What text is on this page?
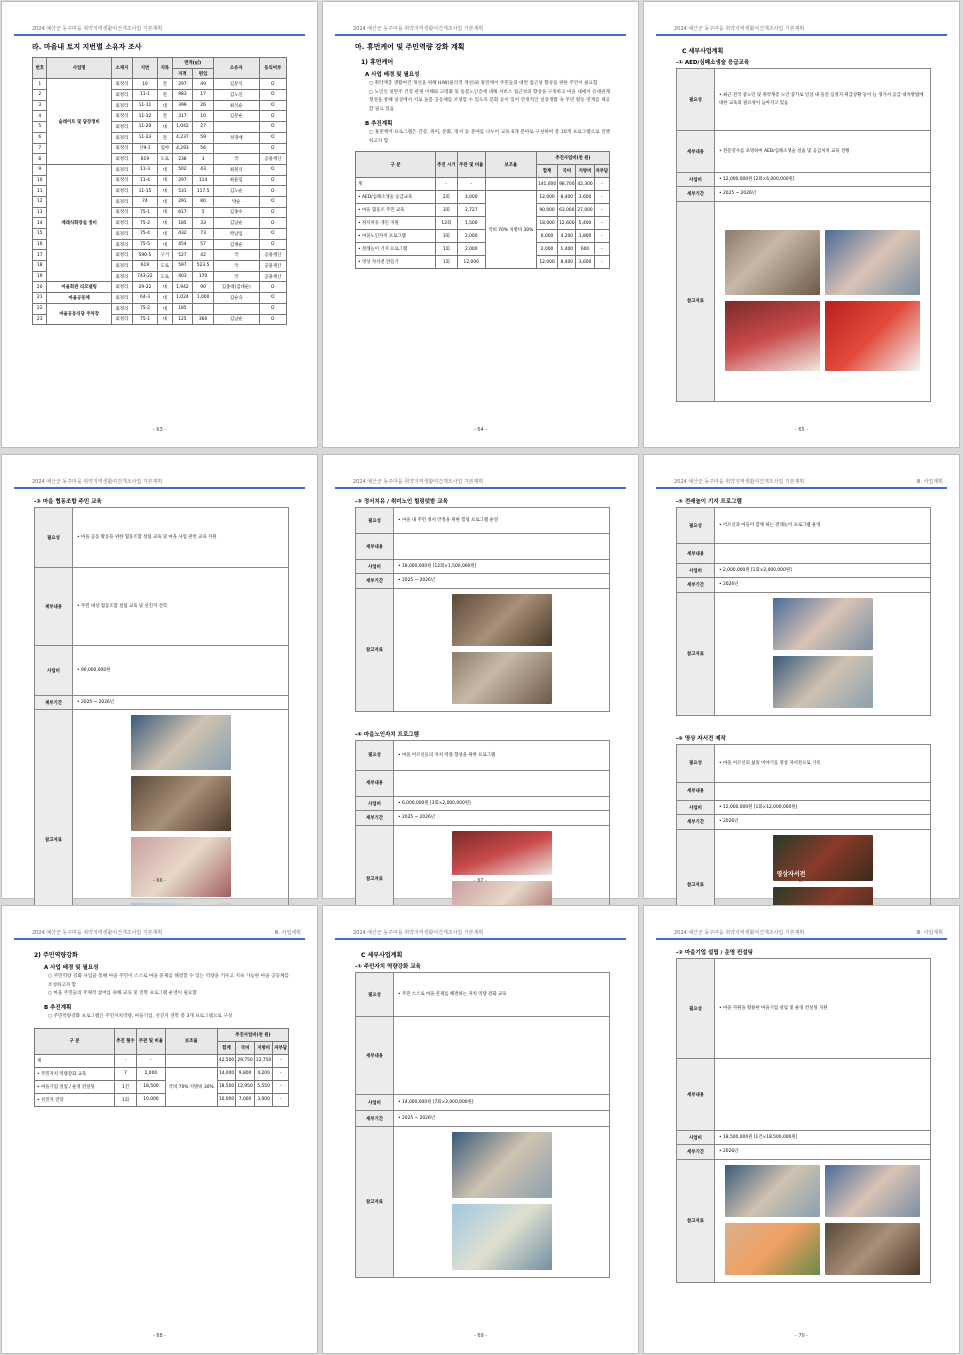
2024 예산군 동주마을 취약지역생활여건개조사업 기본계획
라. 마을내 토지 지번별 소유자 조사
번호	사업명	소재지	지번	지목	면적(㎡)		소유자	동의여부
					지적	편입		
1	슬레이트 및 담장정비	외정리	10	전	297	49	김분식	O
2		외정리	11-1	전	983	17	김노인	O
3		외정리	11-11	대	399	26	최석순	O
4		외정리	11-12	전	317	10	김분순	O
5		외정리	11-20	대	1,042	27		O
6		외정리	11-23	전	4,237	59	성경애	O
7		외정리	산9-1	임야	4,293	56		O
8		외정리	619	도로	238	3	국	공용재산
9	재래식화장실 정비	외정리	11-3	대	502	43	최원석	O
10		외정리	11-4	대	297	114	최윤임	O
11		외정리	11-15	대	531	117.5	김노순	O
12		외정리	74	대	291	80	박순	O
13		외정리	75-1	대	617	5	김종수	O
14		외정리	75-2	대	185	33	김남순	O
15		외정리	75-4	대	432	73	박남임	O
16		외정리	75-5	대	454	57	김재순	O
17		외정리	590-5	구거	527	42	국	공용재산
18		외정리	619	도로	597	523.5	국	공용재산
19		외정리	743-22	도로	403	170	국	공용재산
20	마을회관 리모델링	외정리	29-22	대	1,942	90	김종대(김대순)	O
21	마을공동체	외정리	64-3	대	1,024	1,000	김순숙	O
22	마을공동식당 주차장	외정리	75-2	대	185			O
23		외정리	75-1	대	125	360	김남순	O
- 63 -
2024 예산군 동주마을 취약지역생활여건개조사업 기본계획
마. 휴먼케어 및 주민역량 강화 계획
1) 휴먼케어
A 사업 배경 및 필요성
○ 취약계층 생활여건 개선을 위해 H/W(물리적 개선)와 휴먼케어 주민들의 대면 접근성 향상을 위한 주민이 필요함
○ 노인인 일반주 건강 관계 이해와 고령화 및 돌봄노인층에 대해 서비스 접근성의 향상을 구축하고 마을 내에서 유대관계 형성을 통해 일상에서 서로 돌봄 공동체를 조성할 수 있도록 문화 등이 있어 안정적인 일상생활 속 주민 활동 연계를 제공할 필요 있음
B 추진계획
○ 휴먼케어 프로그램은 건강, 취미, 문화, 정서 등 분야를 나누어 교육 6개 분야로 구성하여 총 10개 프로그램으로 진행하고자 함
구 분	추진 시기	주관 및 비율	보조율	추진사업비(천 원)			
				합계	국비	지방비	자부담
계	-	-		141,000	98,700	42,300	-
• AED/심폐소생술 응급교육	2회	4,000	국비 70% 지방비 30%	12,000	8,400	3,600	-
• 마을 협동조 주민 교육	3회	2,727		90,000	63,000	27,000	-
• 정서치유 개인 지원	12회	1,500		18,000	12,600	5,400	-
• 마을노인자치 프로그램	3회	2,000		6,000	4,200	1,800	-
• 전래놀이 기지 프로그램	1회	2,000		2,000	1,400	600	-
• 영상 자서전 만들기	1회	12,000		12,000	8,400	3,600	-
- 64 -
2024 예산군 동주마을 취약지역생활여건개조사업 기본계획
C 세부사업계획
-① AED/심폐소생술 응급교육
필요성	• 최근 전국 중노인 및 취약계층 노인 증가로 일상 내 돌연 심정지 위급상황 등이 늘 생겨서 응급 대처방법에 대한 교육의 필요성이 높아지고 있음
세부내용	• 전문강사를 초빙하여 AED/심폐소생술 실습 및 응급처치 교육 진행
사업비	• 12,000,000원 [2회×6,000,000원]
세부기간	• 2025 ~ 2026년
참고자료	
- 65 -
2024 예산군 동주마을 취약지역생활여건개조사업 기본계획
-② 마을 협동조합 주민 교육
필요성	• 마을 공동 활동을 위한 협동조합 설립 교육 및 마을 사업 관련 교육 지원
세부내용	• 주민 대상 협동조합 설립 교육 및 선진지 견학
사업비	• 90,000,000원
세부기간	• 2025 ~ 2026년
참고자료	
- 66 -
2024 예산군 동주마을 취약지역생활여건개조사업 기본계획
-③ 정서치유 / 취미노인 힐링텃밭 교육
필요성	• 마을 내 주민 정서 안정을 위한 힐링 프로그램 운영
세부내용	
사업비	• 18,000,000원 [12회×1,500,000원]
세부기간	• 2025 ~ 2026년
참고자료	
-④ 마을노인자치 프로그램
필요성	• 마을 어르신들의 자치 역량 향상을 위한 프로그램
세부내용	
사업비	• 6,000,000원 [3회×2,000,000원]
세부기간	• 2025 ~ 2026년
참고자료		- 67 -
2024 예산군 동주마을 취약지역생활여건개조사업 기본계획	Ⅲ. 사업계획
-⑤ 전래놀이 기지 프로그램
필요성	• 어르신과 아동이 함께 하는 전래놀이 프로그램 운영
세부내용	
사업비	• 2,000,000원 [1회×2,000,000원]
세부기간	• 2026년
참고자료	
-⑥ 영상 자서전 제작
필요성	• 마을 어르신의 삶의 이야기를 영상 자서전으로 기록
세부내용	
사업비	• 12,000,000원 [1회×12,000,000원]
세부기간	• 2026년
참고자료	영상자서전

- 67 -
2024 예산군 동주마을 취약지역생활여건개조사업 기본계획	Ⅲ. 사업계획
2) 주민역량강화
A 사업 배경 및 필요성
○ 주민역량 강화 사업을 통해 마을 주민이 스스로 마을 문제를 해결할 수 있는 역량을 키우고 지속 가능한 마을 공동체를 조성하고자 함
○ 마을 주민들의 주체적 참여를 위해 교육 및 견학 프로그램 운영이 필요함
B 추진계획
○ 주민역량강화 프로그램은 주민자치역량, 마을기업, 선진지 견학 총 3개 프로그램으로 구성
구 분	추진 횟수	주관 및 비율	보조율	추진사업비(천 원)			
				합계	국비	지방비	자부담
계	-	-		42,500	29,750	12,750	-
• 주민자치 역량강화 교육	7	2,000	국비 70% 지방비 30%	14,000	9,800	4,200	-
• 마을기업 설립 / 운영 컨설팅	1건	18,500		18,500	12,950	5,550	-
• 선진지 견학	1회	10,000		10,000	7,000	3,000	-
- 68 -
2024 예산군 동주마을 취약지역생활여건개조사업 기본계획
C 세부사업계획
-① 주민자치 역량강화 교육
필요성	• 주민 스스로 마을 문제를 해결하는 자치 역량 강화 교육
세부내용	
사업비	• 14,000,000원 [7회×2,000,000원]
세부기간	• 2025 ~ 2026년
참고자료	
- 69 -
2024 예산군 동주마을 취약지역생활여건개조사업 기본계획	Ⅲ. 사업계획
-② 마을기업 설립 / 운영 컨설팅
필요성	• 마을 자원을 활용한 마을기업 설립 및 운영 컨설팅 지원
세부내용	
사업비	• 18,500,000원 [1건×18,500,000원]
세부기간	• 2026년
참고자료	
- 70 -
